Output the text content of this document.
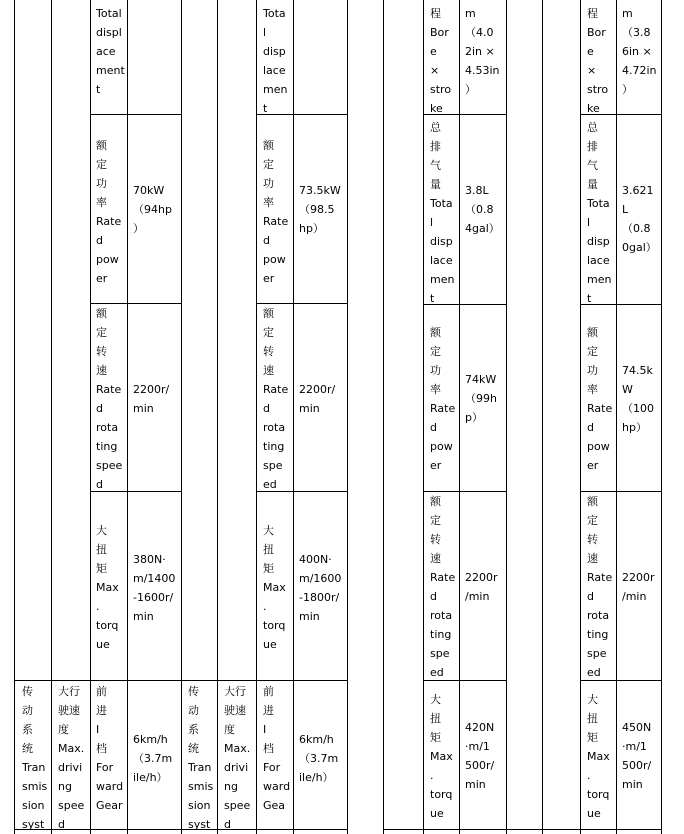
Total
displ
ace
ment
t
额
定
功
率
Rate
d
pow
er
70kW
（94hp
）
额
定
转
速
Rate
d
rota
ting
spee
d
2200r/
min
大
扭
矩
Max
.
torq
ue
380N·
m/1400
-1600r/
min
传
动
系
统
Tran
smis
sion
syst
大行
驶速
度
Max.
drivi
ng
spee
d
前
进
I
档
For
ward
Gear
6km/h
（3.7m
ile/h）
Tota
l
disp
lace
men
t
额
定
功
率
Rate
d
pow
er
73.5kW
（98.5
hp）
额
定
转
速
Rate
d
rota
ting
spe
ed
2200r/
min
大
扭
矩
Max
.
torq
ue
400N·
m/1600
-1800r/
min
传
动
系
统
Tran
smis
sion
syst
大行
驶速
度
Max.
drivi
ng
spee
d
前
进
I
档
For
ward
Gea
6km/h
（3.7m
ile/h）
程
Bor
e
×
stro
ke
m
（4.0
2in ×
4.53in
）
总
排
气
量
Tota
l
disp
lace
men
t
3.8L
（0.8
4gal）
额
定
功
率
Rate
d
pow
er
74kW
（99h
p）
额
定
转
速
Rate
d
rota
ting
spe
ed
2200r
/min
大
扭
矩
Max
.
torq
ue
420N
·m/1
500r/
min
程
Bor
e
×
stro
ke
m
（3.8
6in ×
4.72in
）
总
排
气
量
Tota
l
disp
lace
men
t
3.621
L
（0.8
0gal）
额
定
功
率
Rate
d
pow
er
74.5k
W
（100
hp）
额
定
转
速
Rate
d
rota
ting
spe
ed
2200r
/min
大
扭
矩
Max
.
torq
ue
450N
·m/1
500r/
min
